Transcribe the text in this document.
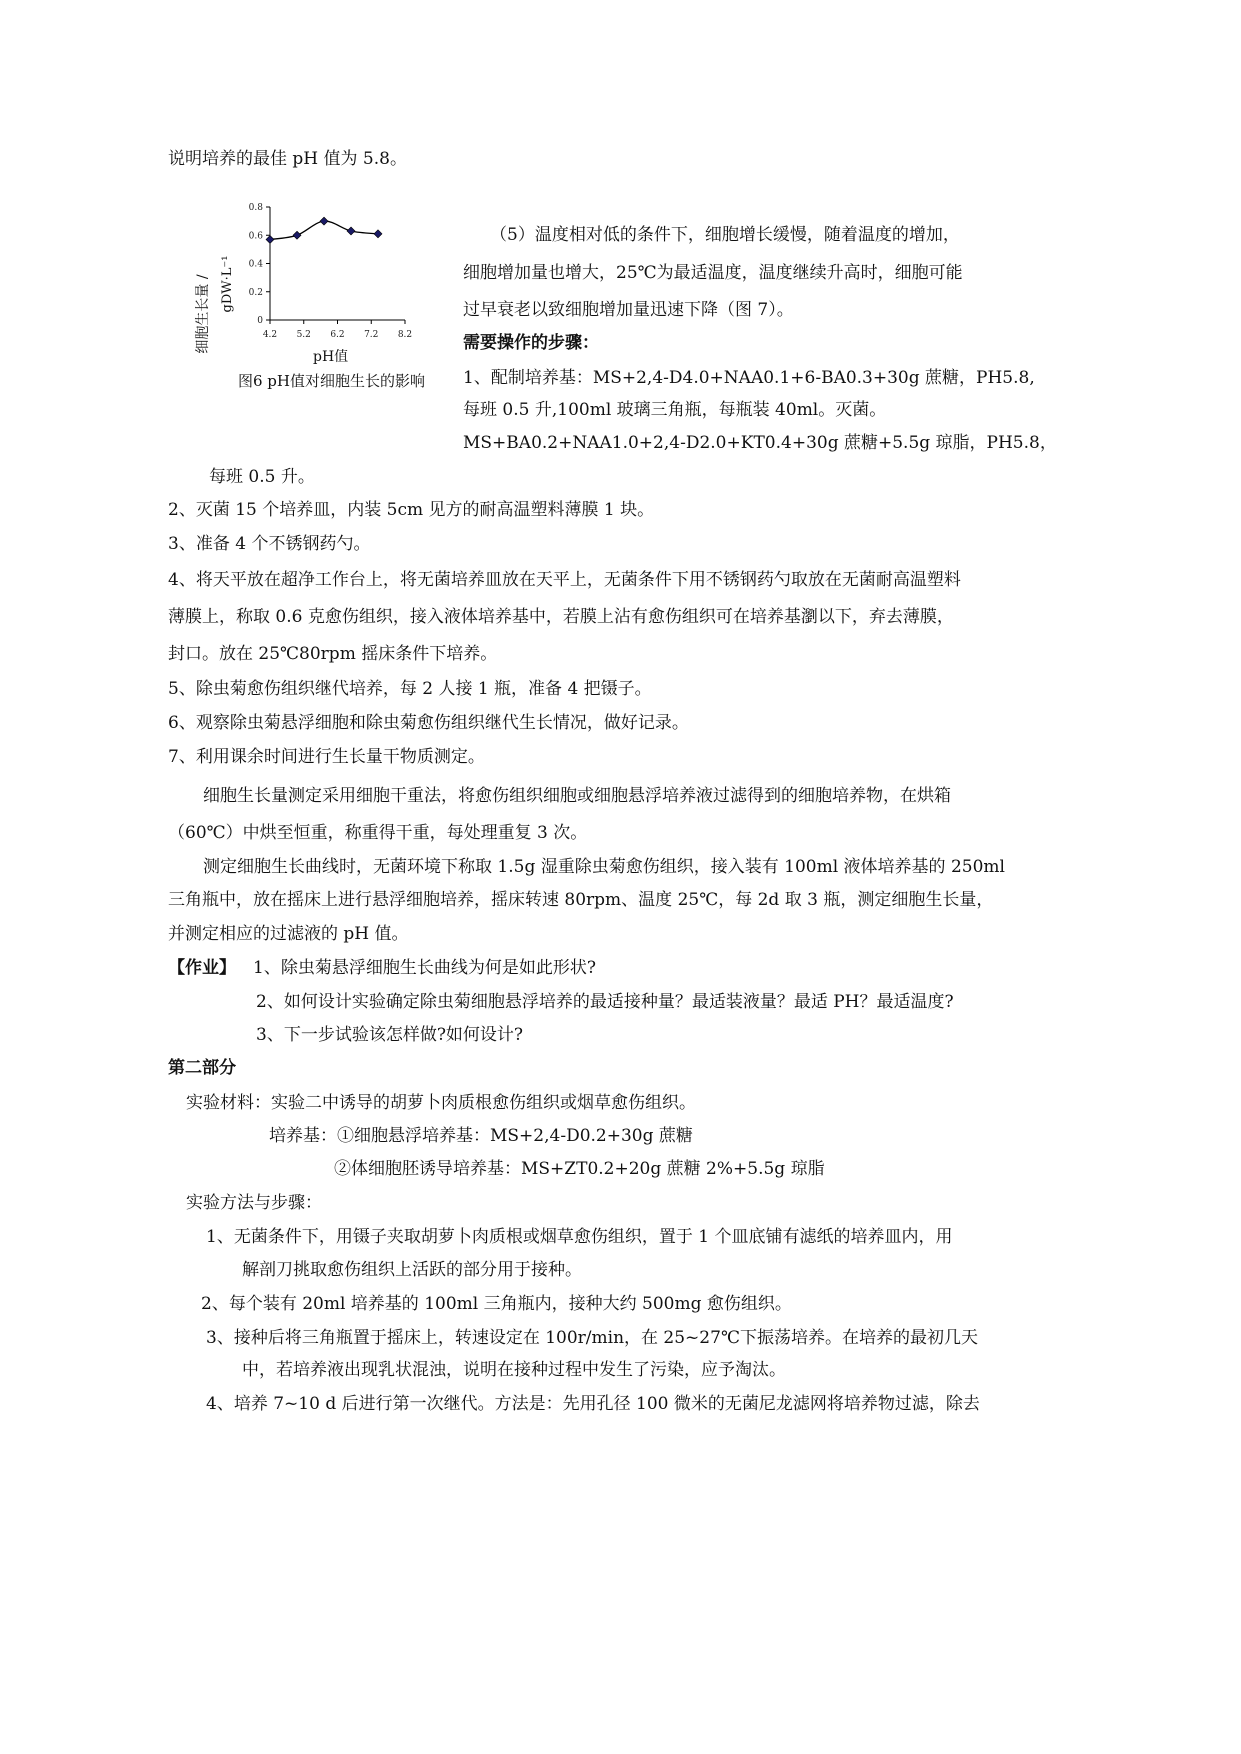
说明培养的最佳 pH 值为 5.8。
细胞生长量 / gDW·L⁻¹
0
0.2
0.4
0.6
0.8
4.2 5.2 6.2 7.2 8.2
pH值
图6 pH值对细胞生长的影响
（5）温度相对低的条件下，细胞增长缓慢，随着温度的增加，
细胞增加量也增大，25℃为最适温度，温度继续升高时，细胞可能
过早衰老以致细胞增加量迅速下降（图 7）。
需要操作的步骤：
1、配制培养基：MS+2,4-D4.0+NAA0.1+6-BA0.3+30g 蔗糖，PH5.8,
每班 0.5 升,100ml 玻璃三角瓶，每瓶装 40ml。灭菌。
MS+BA0.2+NAA1.0+2,4-D2.0+KT0.4+30g 蔗糖+5.5g 琼脂，PH5.8，
每班 0.5 升。
2、灭菌 15 个培养皿，内装 5cm 见方的耐高温塑料薄膜 1 块。
3、准备 4 个不锈钢药勺。
4、将天平放在超净工作台上，将无菌培养皿放在天平上，无菌条件下用不锈钢药勺取放在无菌耐高温塑料
薄膜上，称取 0.6 克愈伤组织，接入液体培养基中，若膜上沾有愈伤组织可在培养基瀏以下，弃去薄膜，
封口。放在 25℃80rpm 摇床条件下培养。
5、除虫菊愈伤组织继代培养，每 2 人接 1 瓶，准备 4 把镊子。
6、观察除虫菊悬浮细胞和除虫菊愈伤组织继代生长情况，做好记录。
7、利用课余时间进行生长量干物质测定。
细胞生长量测定采用细胞干重法，将愈伤组织细胞或细胞悬浮培养液过滤得到的细胞培养物，在烘箱
（60℃）中烘至恒重，称重得干重，每处理重复 3 次。
测定细胞生长曲线时，无菌环境下称取 1.5g 湿重除虫菊愈伤组织，接入装有 100ml 液体培养基的 250ml
三角瓶中，放在摇床上进行悬浮细胞培养，摇床转速 80rpm、温度 25℃，每 2d 取 3 瓶，测定细胞生长量，
并测定相应的过滤液的 pH 值。
【作业】 1、除虫菊悬浮细胞生长曲线为何是如此形状?
2、如何设计实验确定除虫菊细胞悬浮培养的最适接种量？最适装液量？最适 PH？最适温度?
3、下一步试验该怎样做?如何设计?
第二部分
实验材料：实验二中诱导的胡萝卜肉质根愈伤组织或烟草愈伤组织。
培养基：①细胞悬浮培养基：MS+2,4-D0.2+30g 蔗糖
②体细胞胚诱导培养基：MS+ZT0.2+20g 蔗糖 2%+5.5g 琼脂
实验方法与步骤：
1、无菌条件下，用镊子夹取胡萝卜肉质根或烟草愈伤组织，置于 1 个皿底铺有滤纸的培养皿内，用
解剖刀挑取愈伤组织上活跃的部分用于接种。
2、每个装有 20ml 培养基的 100ml 三角瓶内，接种大约 500mg 愈伤组织。
3、接种后将三角瓶置于摇床上，转速设定在 100r/min，在 25~27℃下振荡培养。在培养的最初几天
中，若培养液出现乳状混浊，说明在接种过程中发生了污染，应予淘汰。
4、培养 7~10 d 后进行第一次继代。方法是：先用孔径 100 微米的无菌尼龙滤网将培养物过滤，除去
